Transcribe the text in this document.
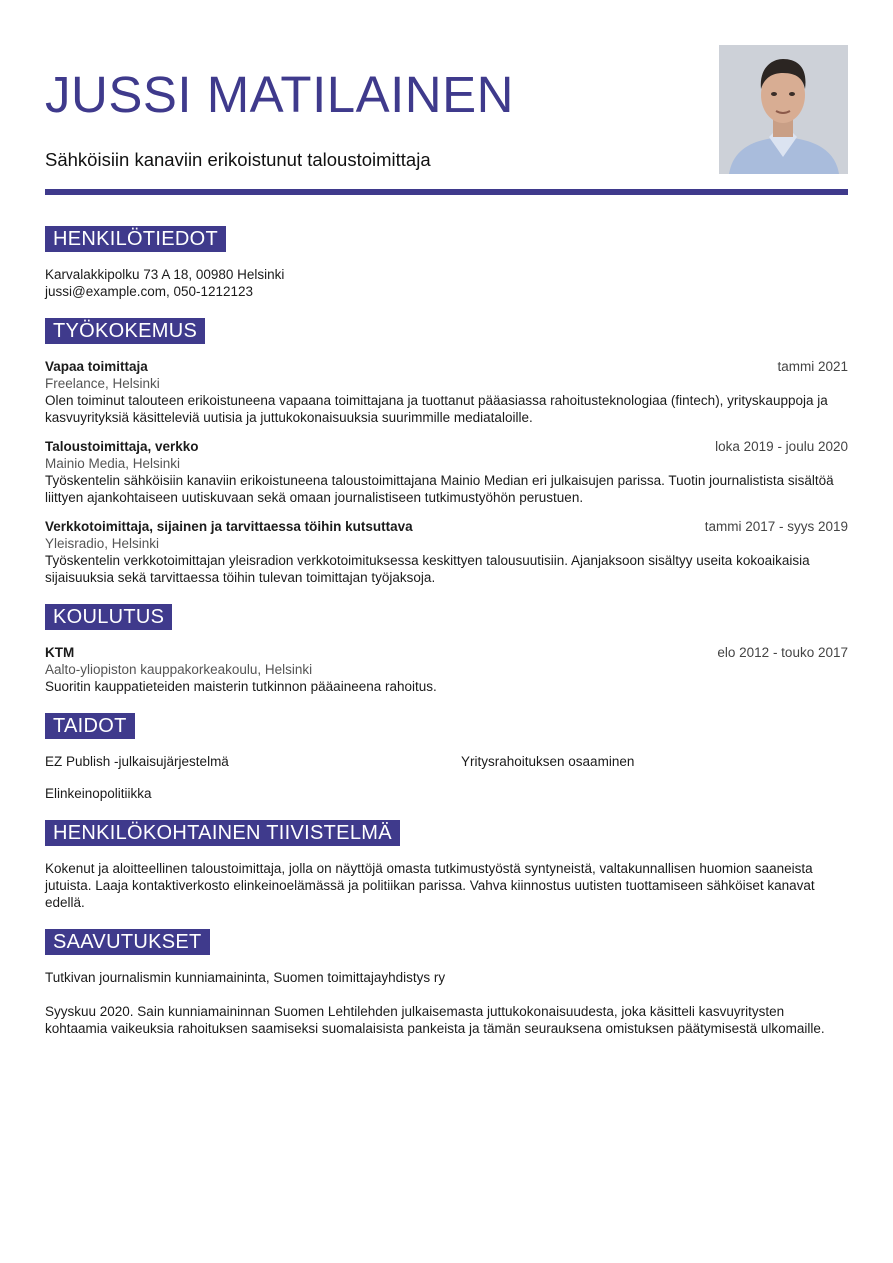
JUSSI MATILAINEN
Sähköisiin kanaviin erikoistunut taloustoimittaja
HENKILÖTIEDOT
Karvalakkipolku 73 A 18, 00980 Helsinki
jussi@example.com, 050-1212123
TYÖKOKEMUS
Vapaa toimittaja	tammi 2021
Freelance, Helsinki
Olen toiminut talouteen erikoistuneena vapaana toimittajana ja tuottanut pääasiassa rahoitusteknologiaa (fintech), yrityskauppoja ja kasvuyrityksiä käsitteleviä uutisia ja juttukokonaisuuksia suurimmille mediataloille.
Taloustoimittaja, verkko	loka 2019 - joulu 2020
Mainio Media, Helsinki
Työskentelin sähköisiin kanaviin erikoistuneena taloustoimittajana Mainio Median eri julkaisujen parissa. Tuotin journalistista sisältöä liittyen ajankohtaiseen uutiskuvaan sekä omaan journalistiseen tutkimustyöhön perustuen.
Verkkotoimittaja, sijainen ja tarvittaessa töihin kutsuttava	tammi 2017 - syys 2019
Yleisradio, Helsinki
Työskentelin verkkotoimittajan yleisradion verkkotoimituksessa keskittyen talousuutisiin. Ajanjaksoon sisältyy useita kokoaikaisia sijaisuuksia sekä tarvittaessa töihin tulevan toimittajan työjaksoja.
KOULUTUS
KTM	elo 2012 - touko 2017
Aalto-yliopiston kauppakorkeakoulu, Helsinki
Suoritin kauppatieteiden maisterin tutkinnon pääaineena rahoitus.
TAIDOT
EZ Publish -julkaisujärjestelmä	Yritysrahoituksen osaaminen
Elinkeinopolitiikka
HENKILÖKOHTAINEN TIIVISTELMÄ
Kokenut ja aloitteellinen taloustoimittaja, jolla on näyttöjä omasta tutkimustyöstä syntyneistä, valtakunnallisen huomion saaneista jutuista. Laaja kontaktiverkosto elinkeinoelämässä ja politiikan parissa. Vahva kiinnostus uutisten tuottamiseen sähköiset kanavat edellä.
SAAVUTUKSET
Tutkivan journalismin kunniamaininta, Suomen toimittajayhdistys ry
Syyskuu 2020. Sain kunniamaininnan Suomen Lehtilehden julkaisemasta juttukokonaisuudesta, joka käsitteli kasvuyritysten kohtaamia vaikeuksia rahoituksen saamiseksi suomalaisista pankeista ja tämän seurauksena omistuksen päätymisestä ulkomaille.
